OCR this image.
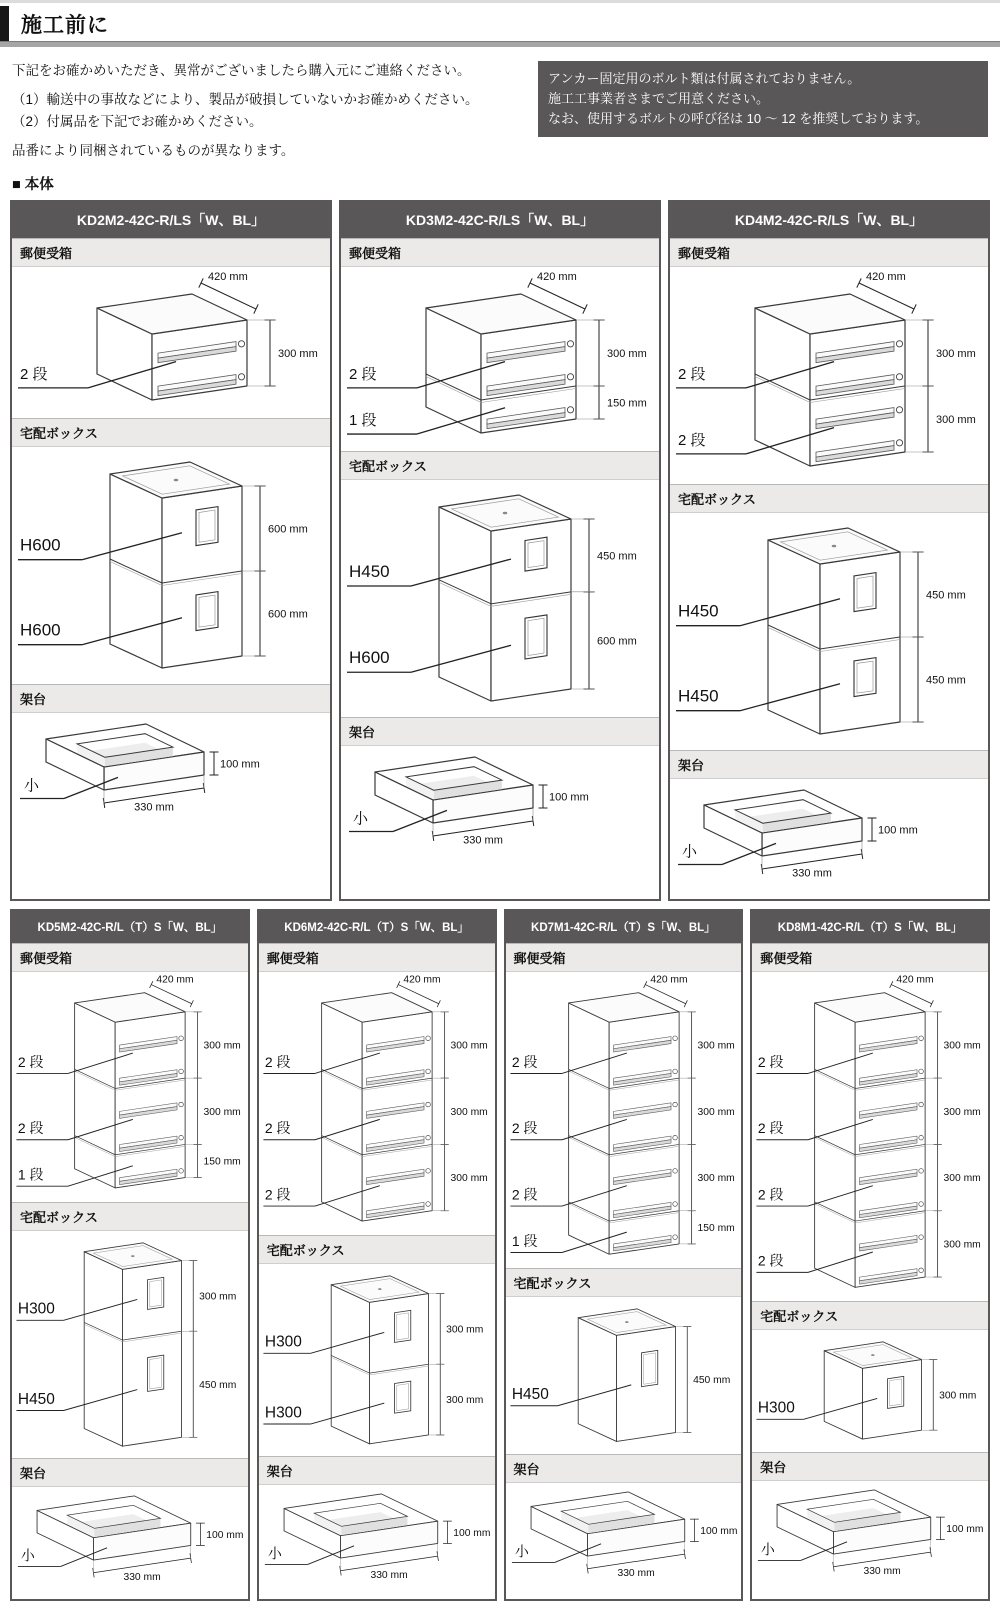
施工前に

下記をお確かめいただき、異常がございましたら購入元にご連絡ください。

（1）輸送中の事故などにより、製品が破損していないかお確かめください。

（2）付属品を下記でお確かめください。

品番により同梱されているものが異なります。

アンカー固定用のボルト類は付属されておりません。

施工工事業者さまでご用意ください。

なお、使用するボルトの呼び径は 10 ～ 12 を推奨しております。

■ 本体
KD2M2-42C-R/LS「W、BL」
郵便受箱
300 mm
420 mm
2 段
宅配ボックス
600 mm
600 mm
H600
H600
架台
100 mm
330 mm
小
KD3M2-42C-R/LS「W、BL」
郵便受箱
300 mm
150 mm
420 mm
2 段
1 段
宅配ボックス
450 mm
600 mm
H450
H600
架台
100 mm
330 mm
小
KD4M2-42C-R/LS「W、BL」
郵便受箱
300 mm
300 mm
420 mm
2 段
2 段
宅配ボックス
450 mm
450 mm
H450
H450
架台
100 mm
330 mm
小
KD5M2-42C-R/L（T）S「W、BL」
郵便受箱
300 mm
300 mm
150 mm
420 mm
2 段
2 段
1 段
宅配ボックス
300 mm
450 mm
H300
H450
架台
100 mm
330 mm
小
KD6M2-42C-R/L（T）S「W、BL」
郵便受箱
300 mm
300 mm
300 mm
420 mm
2 段
2 段
2 段
宅配ボックス
300 mm
300 mm
H300
H300
架台
100 mm
330 mm
小
KD7M1-42C-R/L（T）S「W、BL」
郵便受箱
300 mm
300 mm
300 mm
150 mm
420 mm
2 段
2 段
2 段
1 段
宅配ボックス
450 mm
H450
架台
100 mm
330 mm
小
KD8M1-42C-R/L（T）S「W、BL」
郵便受箱
300 mm
300 mm
300 mm
300 mm
420 mm
2 段
2 段
2 段
2 段
宅配ボックス
300 mm
H300
架台
100 mm
330 mm
小
